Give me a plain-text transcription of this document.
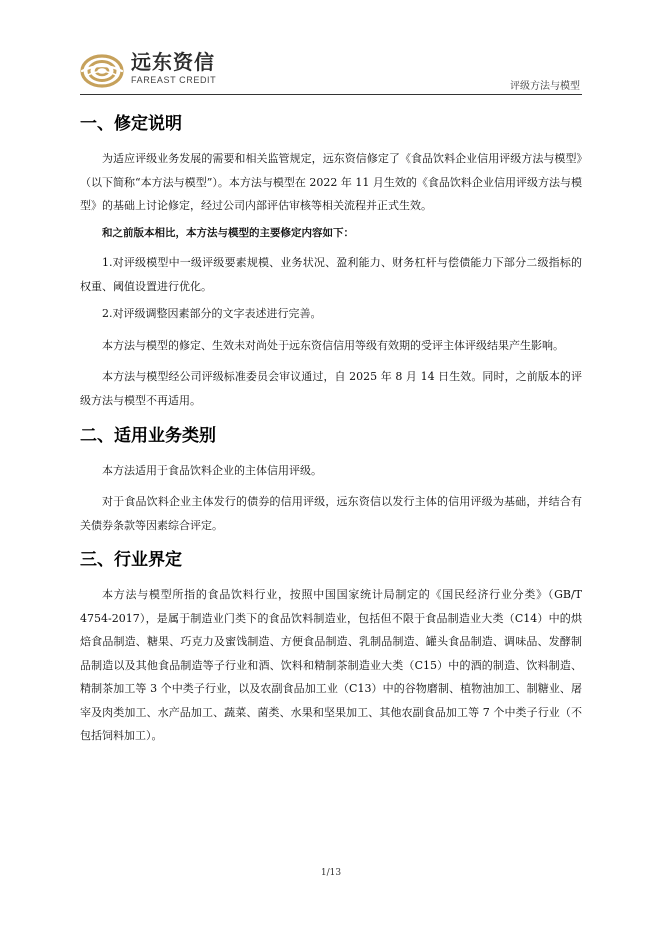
远东资信
FAREAST CREDIT
评级方法与模型
一、修定说明

为适应评级业务发展的需要和相关监管规定，远东资信修定了《食品饮料企业信用评级方法与模型》（以下简称“本方法与模型”）。本方法与模型在 2022 年 11 月生效的《食品饮料企业信用评级方法与模型》的基础上讨论修定，经过公司内部评估审核等相关流程并正式生效。

和之前版本相比，本方法与模型的主要修定内容如下：

1.对评级模型中一级评级要素规模、业务状况、盈利能力、财务杠杆与偿债能力下部分二级指标的权重、阈值设置进行优化。

2.对评级调整因素部分的文字表述进行完善。

本方法与模型的修定、生效未对尚处于远东资信信用等级有效期的受评主体评级结果产生影响。

本方法与模型经公司评级标准委员会审议通过，自 2025 年 8 月 14 日生效。同时，之前版本的评级方法与模型不再适用。

二、适用业务类别

本方法适用于食品饮料企业的主体信用评级。

对于食品饮料企业主体发行的债券的信用评级，远东资信以发行主体的信用评级为基础，并结合有关债券条款等因素综合评定。

三、行业界定

本方法与模型所指的食品饮料行业，按照中国国家统计局制定的《国民经济行业分类》（GB/T 4754-2017），是属于制造业门类下的食品饮料制造业，包括但不限于食品制造业大类（C14）中的烘焙食品制造、糖果、巧克力及蜜饯制造、方便食品制造、乳制品制造、罐头食品制造、调味品、发酵制品制造以及其他食品制造等子行业和酒、饮料和精制茶制造业大类（C15）中的酒的制造、饮料制造、精制茶加工等 3 个中类子行业，以及农副食品加工业（C13）中的谷物磨制、植物油加工、制糖业、屠宰及肉类加工、水产品加工、蔬菜、菌类、水果和坚果加工、其他农副食品加工等 7 个中类子行业（不包括饲料加工）。

1/13
